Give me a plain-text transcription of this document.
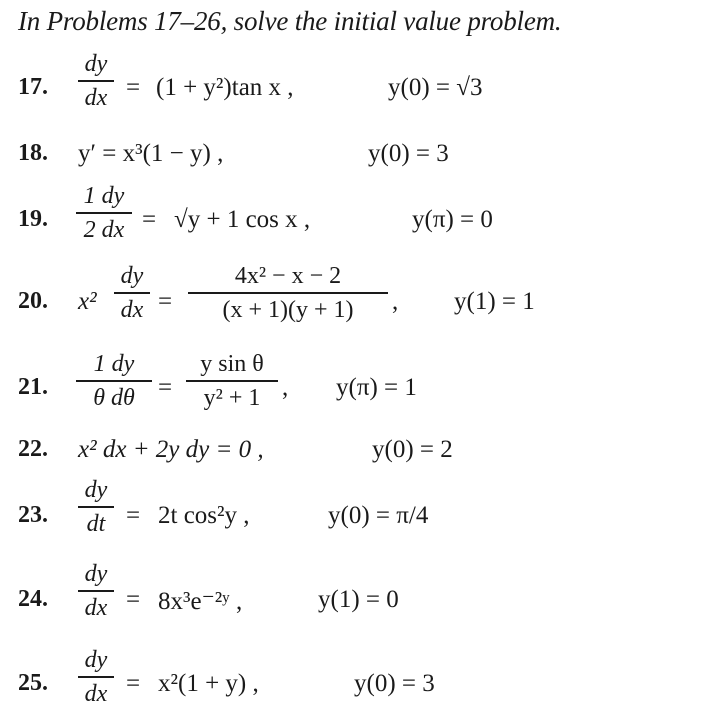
In Problems 17–26, solve the initial value problem.
17.
dy
dx = (1 + y²)tan x ,	y(0) = √3
18. y′ = x³(1 − y) ,	y(0) = 3
19.
1 dy
2 dx = √y + 1 cos x ,	y(π) = 0
20. x²
dy
dx =
4x² − x − 2
(x + 1)(y + 1)	, y(1) = 1
21.
1 dy
θ dθ =
y sin θ
y² + 1 , y(π) = 1
22. x² dx + 2y dy = 0 ,	y(0) = 2
23.
dy
dt = 2t cos²y ,	y(0) = π/4
24.
dy
dx = 8x³e⁻²ʸ ,	y(1) = 0
25.
dy
dx = x²(1 + y) ,	y(0) = 3
